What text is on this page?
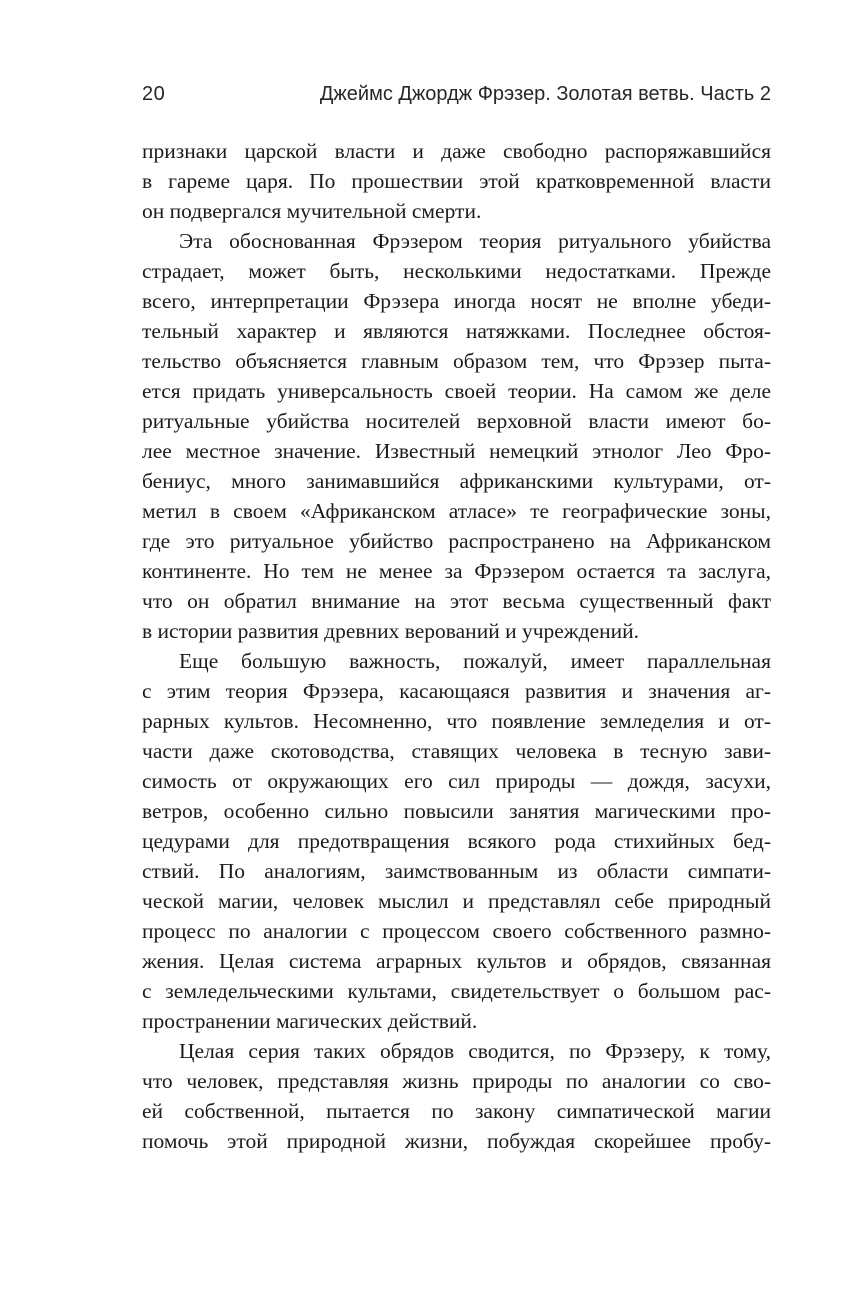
20	Джеймс Джордж Фрэзер. Золотая ветвь. Часть 2
признаки царской власти и даже свободно распоряжавшийся
в гареме царя. По прошествии этой кратковременной власти
он подвергался мучительной смерти.
Эта обоснованная Фрэзером теория ритуального убийства
страдает, может быть, несколькими недостатками. Прежде
всего, интерпретации Фрэзера иногда носят не вполне убеди-
тельный характер и являются натяжками. Последнее обстоя-
тельство объясняется главным образом тем, что Фрэзер пыта-
ется придать универсальность своей теории. На самом же деле
ритуальные убийства носителей верховной власти имеют бо-
лее местное значение. Известный немецкий этнолог Лео Фро-
бениус, много занимавшийся африканскими культурами, от-
метил в своем «Африканском атласе» те географические зоны,
где это ритуальное убийство распространено на Африканском
континенте. Но тем не менее за Фрэзером остается та заслуга,
что он обратил внимание на этот весьма существенный факт
в истории развития древних верований и учреждений.
Еще большую важность, пожалуй, имеет параллельная
с этим теория Фрэзера, касающаяся развития и значения аг-
рарных культов. Несомненно, что появление земледелия и от-
части даже скотоводства, ставящих человека в тесную зави-
симость от окружающих его сил природы — дождя, засухи,
ветров, особенно сильно повысили занятия магическими про-
цедурами для предотвращения всякого рода стихийных бед-
ствий. По аналогиям, заимствованным из области симпати-
ческой магии, человек мыслил и представлял себе природный
процесс по аналогии с процессом своего собственного размно-
жения. Целая система аграрных культов и обрядов, связанная
с земледельческими культами, свидетельствует о большом рас-
пространении магических действий.
Целая серия таких обрядов сводится, по Фрэзеру, к тому,
что человек, представляя жизнь природы по аналогии со сво-
ей собственной, пытается по закону симпатической магии
помочь этой природной жизни, побуждая скорейшее пробу-
